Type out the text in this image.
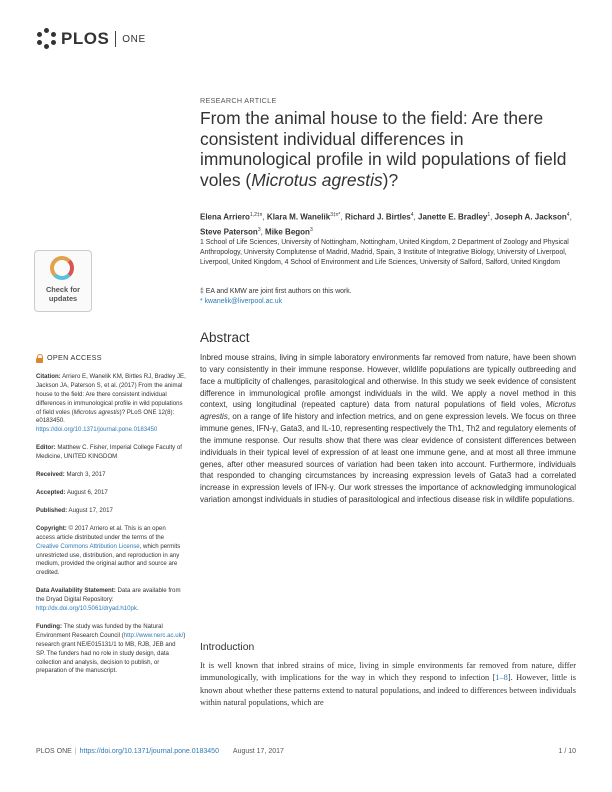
PLOS ONE
Check for
updates
OPEN ACCESS

Citation: Arriero E, Wanelik KM, Birtles RJ, Bradley JE, Jackson JA, Paterson S, et al. (2017) From the animal house to the field: Are there consistent individual differences in immunological profile in wild populations of field voles (Microtus agrestis)? PLoS ONE 12(8): e0183450. https://doi.org/10.1371/journal.pone.0183450

Editor: Matthew C. Fisher, Imperial College Faculty of Medicine, UNITED KINGDOM

Received: March 3, 2017

Accepted: August 6, 2017

Published: August 17, 2017

Copyright: © 2017 Arriero et al. This is an open access article distributed under the terms of the Creative Commons Attribution License, which permits unrestricted use, distribution, and reproduction in any medium, provided the original author and source are credited.

Data Availability Statement: Data are available from the Dryad Digital Repository: http://dx.doi.org/10.5061/dryad.h10pk.

Funding: The study was funded by the Natural Environment Research Council (http://www.nerc.ac.uk/) research grant NE/E015131/1 to MB, RJB, JEB and SP. The funders had no role in study design, data collection and analysis, decision to publish, or preparation of the manuscript.

RESEARCH ARTICLE
From the animal house to the field: Are there consistent individual differences in immunological profile in wild populations of field voles (Microtus agrestis)?
Elena Arriero$^{1,2\ddagger¤}$, Klara M. Wanelik$^{3\ddagger¤*}$, Richard J. Birtles$^4$, Janette E. Bradley$^1$, Joseph A. Jackson$^4$, Steve Paterson$^3$, Mike Begon$^3$
1 School of Life Sciences, University of Nottingham, Nottingham, United Kingdom, 2 Department of Zoology and Physical Anthropology, University Complutense of Madrid, Madrid, Spain, 3 Institute of Integrative Biology, University of Liverpool, Liverpool, United Kingdom, 4 School of Environment and Life Sciences, University of Salford, Salford, United Kingdom
‡ EA and KMW are joint first authors on this work.
* kwanelik@liverpool.ac.uk
Abstract
Inbred mouse strains, living in simple laboratory environments far removed from nature, have been shown to vary consistently in their immune response. However, wildlife populations are typically outbreeding and face a multiplicity of challenges, parasitological and otherwise. In this study we seek evidence of consistent difference in immunological profile amongst individuals in the wild. We apply a novel method in this context, using longitudinal (repeated capture) data from natural populations of field voles, Microtus agrestis, on a range of life history and infection metrics, and on gene expression levels. We focus on three immune genes, IFN-γ, Gata3, and IL-10, representing respectively the Th1, Th2 and regulatory elements of the immune response. Our results show that there was clear evidence of consistent differences between individuals in their typical level of expression of at least one immune gene, and at most all three immune genes, after other measured sources of variation had been taken into account. Furthermore, individuals that responded to changing circumstances by increasing expression levels of Gata3 had a correlated increase in expression levels of IFN-γ. Our work stresses the importance of acknowledging immunological variation amongst individuals in studies of parasitological and infectious disease risk in wildlife populations.
Introduction
It is well known that inbred strains of mice, living in simple environments far removed from nature, differ immunologically, with implications for the way in which they respond to infection [1–8]. However, little is known about whether these patterns extend to natural populations, and indeed to differences between individuals within natural populations, which are
PLOS ONE | https://doi.org/10.1371/journal.pone.0183450 August 17, 2017	1 / 10
